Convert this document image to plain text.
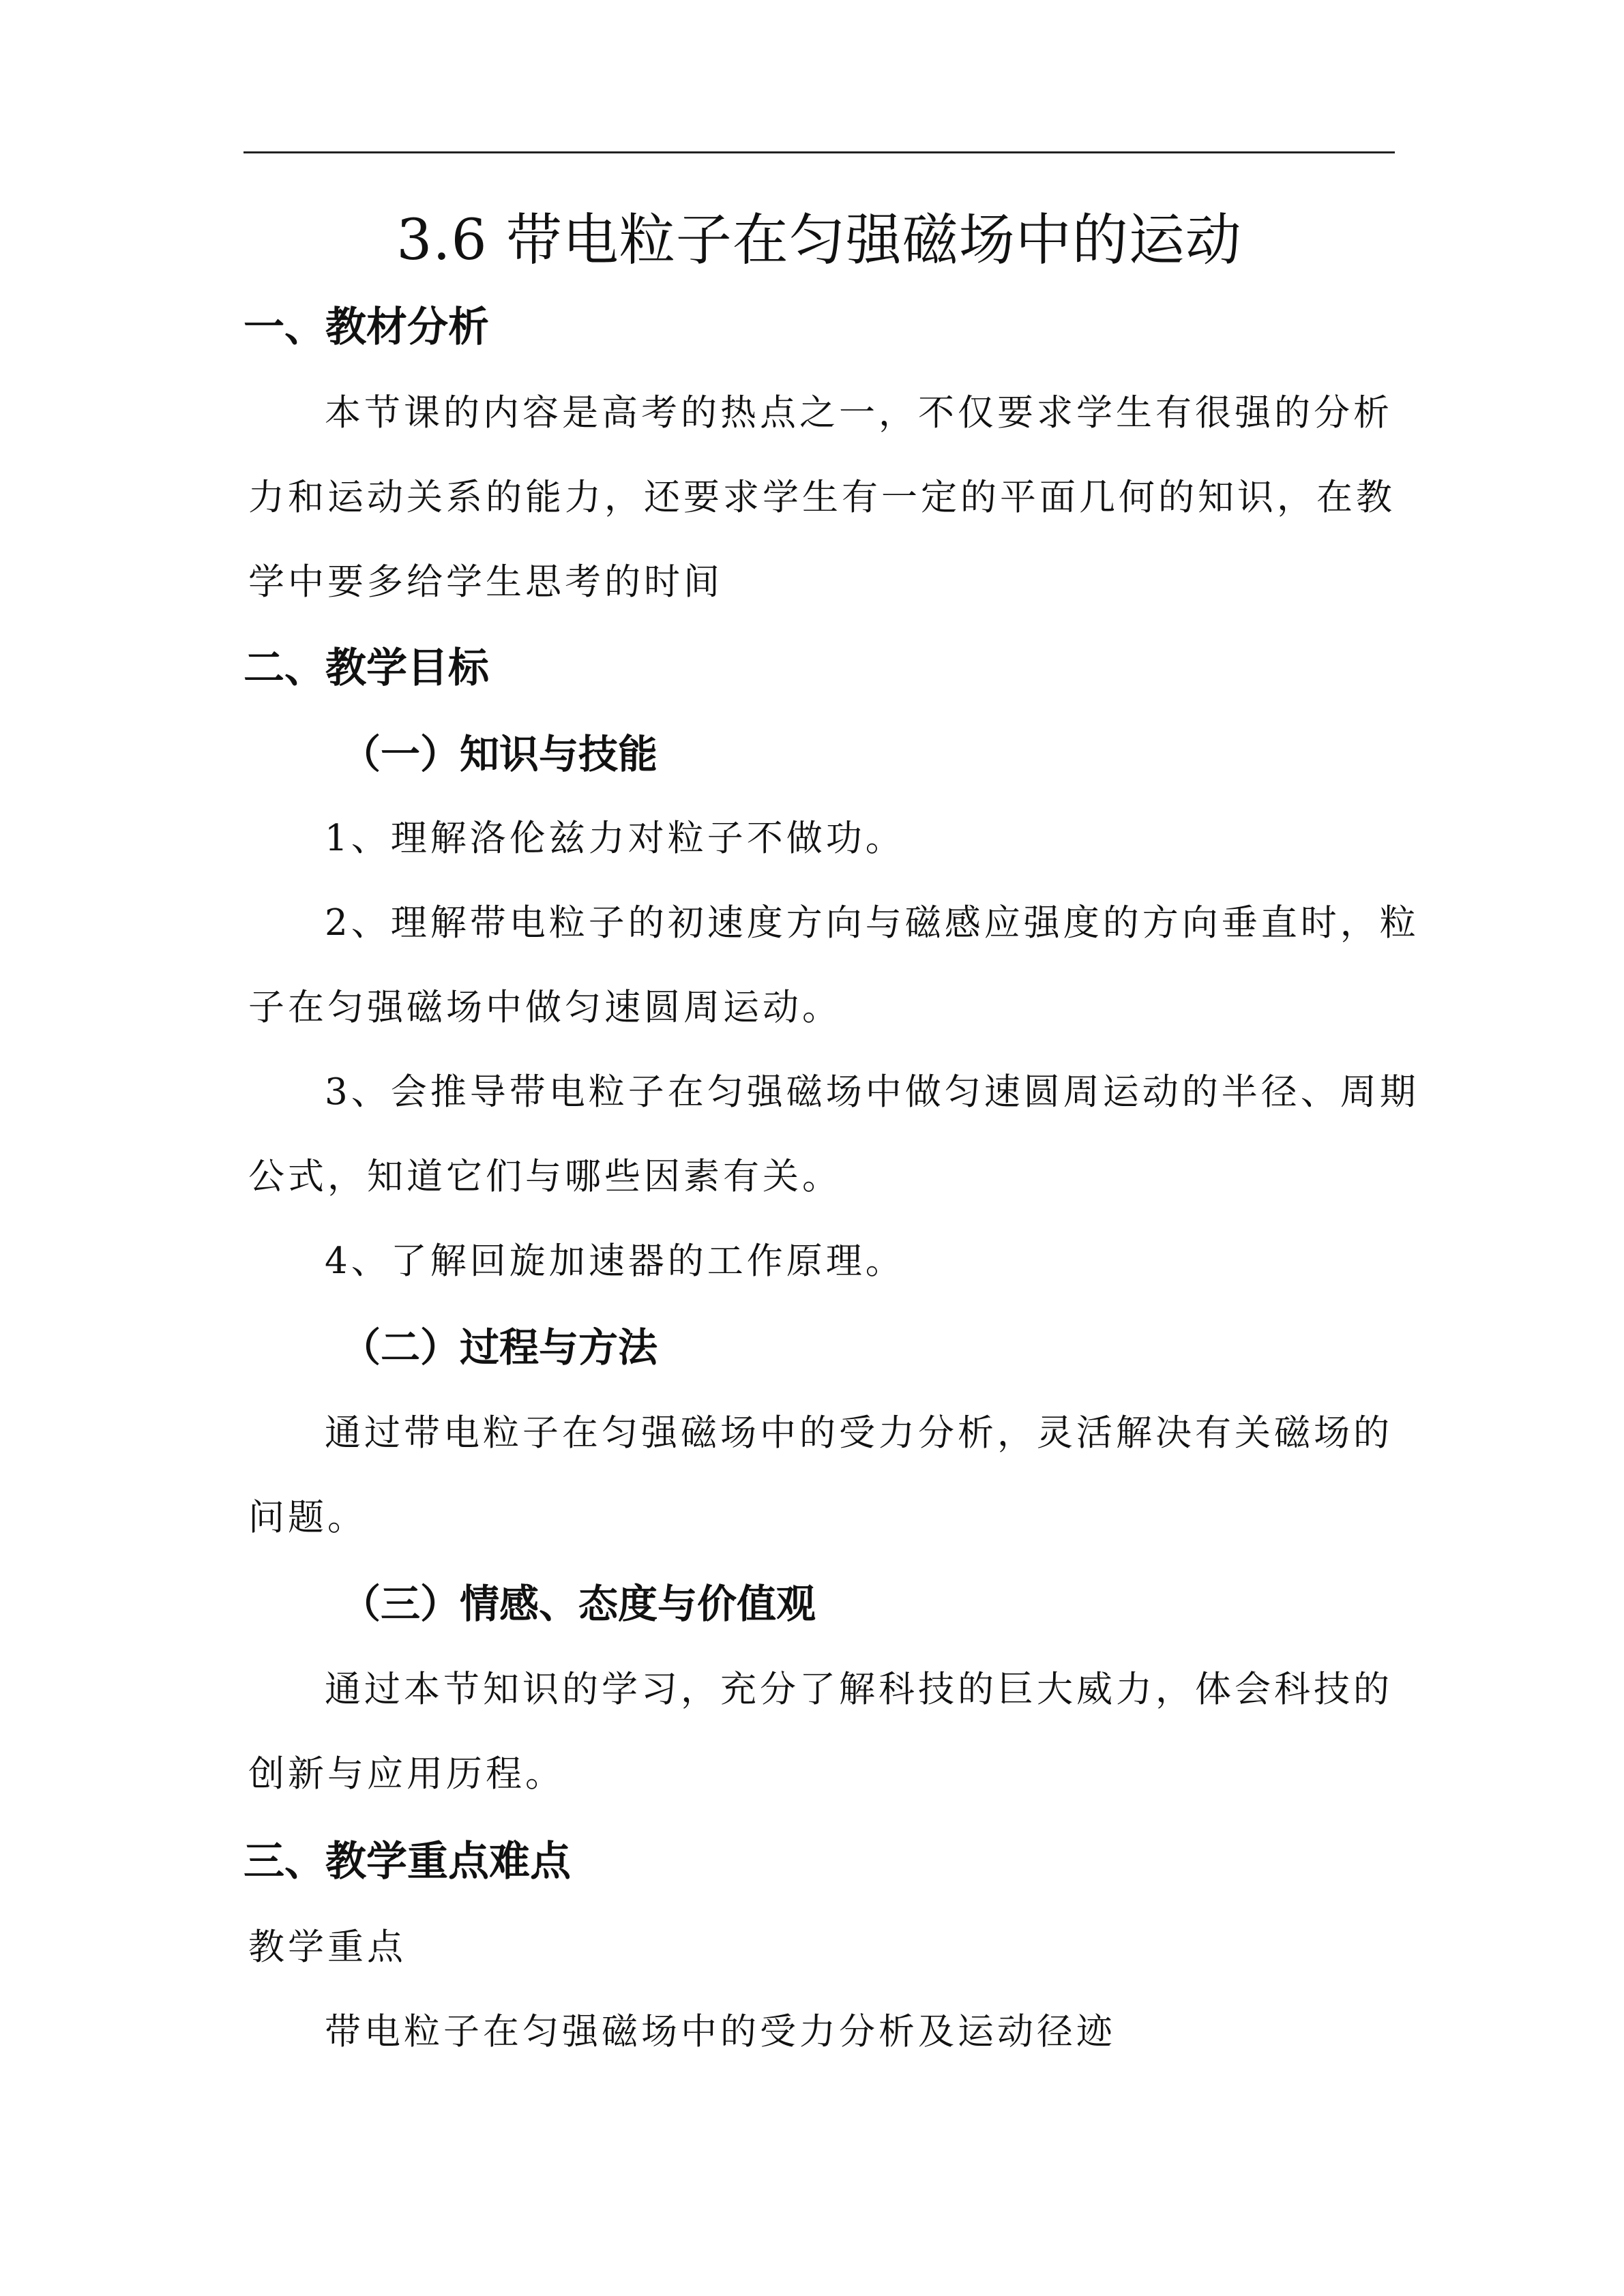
3.6 带电粒子在匀强磁场中的运动
一、教材分析
本节课的内容是高考的热点之一，不仅要求学生有很强的分析
力和运动关系的能力，还要求学生有一定的平面几何的知识，在教
学中要多给学生思考的时间
二、教学目标
（一）知识与技能
1、理解洛伦兹力对粒子不做功。
2、理解带电粒子的初速度方向与磁感应强度的方向垂直时，粒
子在匀强磁场中做匀速圆周运动。
3、会推导带电粒子在匀强磁场中做匀速圆周运动的半径、周期
公式，知道它们与哪些因素有关。
4、了解回旋加速器的工作原理。
（二）过程与方法
通过带电粒子在匀强磁场中的受力分析，灵活解决有关磁场的
问题。
（三）情感、态度与价值观
通过本节知识的学习，充分了解科技的巨大威力，体会科技的
创新与应用历程。
三、教学重点难点
教学重点
带电粒子在匀强磁场中的受力分析及运动径迹
